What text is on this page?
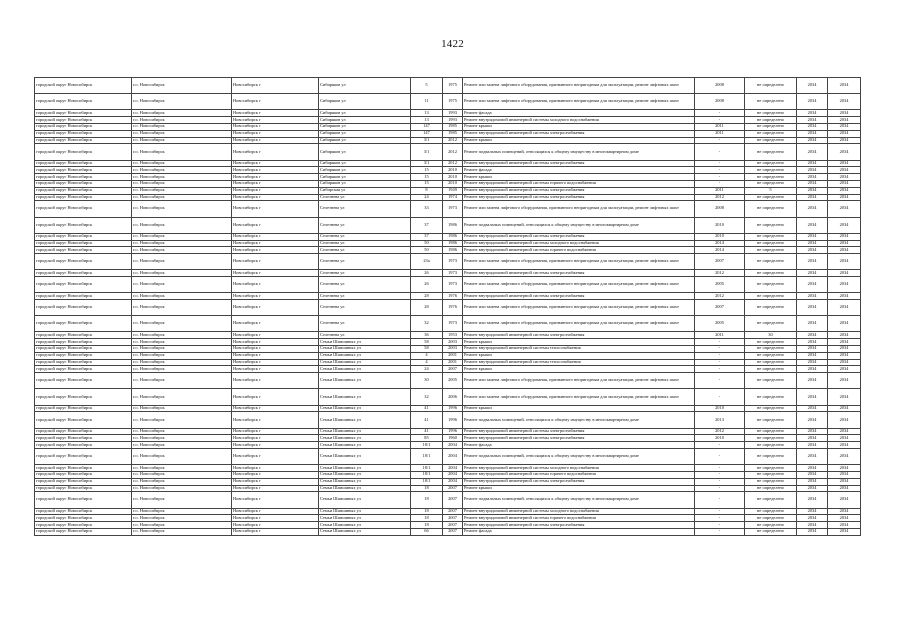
1422
городской округ Новосибирск	г.о. Новосибирск	Новосибирск г	Сибиряков ул	5	1975	Ремонт или замена лифтового оборудования, признанного непригодным для эксплуатации, ремонт лифтовых шахт	2008	не определено	2034	2034
городской округ Новосибирск	г.о. Новосибирск	Новосибирск г	Сибиряков ул	11	1975	Ремонт или замена лифтового оборудования, признанного непригодным для эксплуатации, ремонт лифтовых шахт	2008	не определено	2034	2034
городской округ Новосибирск	г.о. Новосибирск	Новосибирск г	Сибиряков ул	13	1993	Ремонт фасада	-	не определено	2034	2034
городской округ Новосибирск	г.о. Новосибирск	Новосибирск г	Сибиряков ул	13	1993	Ремонт внутридомовой инженерной системы холодного водоснабжения	-	не определено	2034	2034
городской округ Новосибирск	г.о. Новосибирск	Новосибирск г	Сибиряков ул	147	1985	Ремонт крыши	2011	не определено	2034	2034
городской округ Новосибирск	г.о. Новосибирск	Новосибирск г	Сибиряков ул	147	1985	Ремонт внутридомовой инженерной системы электроснабжения	2011	не определено	2034	2034
городской округ Новосибирск	г.о. Новосибирск	Новосибирск г	Сибиряков ул	3/1	2012	Ремонт крыши	-	не определено	2034	2034
городской округ Новосибирск	г.о. Новосибирск	Новосибирск г	Сибиряков ул	3/1	2012	Ремонт подвальных помещений, относящихся к общему имуществу в многоквартирном доме	-	не определено	2034	2034
городской округ Новосибирск	г.о. Новосибирск	Новосибирск г	Сибиряков ул	3/1	2012	Ремонт внутридомовой инженерной системы электроснабжения	-	не определено	2034	2034
городской округ Новосибирск	г.о. Новосибирск	Новосибирск г	Сибиряков ул	15	2010	Ремонт фасада	-	не определено	2034	2034
городской округ Новосибирск	г.о. Новосибирск	Новосибирск г	Сибиряков ул	15	2010	Ремонт крыши	-	не определено	2034	2034
городской округ Новосибирск	г.о. Новосибирск	Новосибирск г	Сибиряков ул	15	2010	Ремонт внутридомовой инженерной системы горячего водоснабжения	-	не определено	2034	2034
городской округ Новосибирск	г.о. Новосибирск	Новосибирск г	Сибирская ул	8	1949	Ремонт внутридомовой инженерной системы электроснабжения	2011	5	2034	2034
городской округ Новосибирск	г.о. Новосибирск	Новосибирск г	Селезнева ул	24	1974	Ремонт внутридомовой инженерной системы электроснабжения	2012	не определено	2034	2034
городской округ Новосибирск	г.о. Новосибирск	Новосибирск г	Селезнева ул	33	1973	Ремонт или замена лифтового оборудования, признанного непригодным для эксплуатации, ремонт лифтовых шахт	2008	не определено	2034	2034
городской округ Новосибирск	г.о. Новосибирск	Новосибирск г	Селезнева ул	37	1986	Ремонт подвальных помещений, относящихся к общему имуществу в многоквартирном доме	2010	не определено	2034	2034
городской округ Новосибирск	г.о. Новосибирск	Новосибирск г	Селезнева ул	37	1986	Ремонт внутридомовой инженерной системы электроснабжения	2010	не определено	2034	2034
городской округ Новосибирск	г.о. Новосибирск	Новосибирск г	Селезнева ул	50	1986	Ремонт внутридомовой инженерной системы холодного водоснабжения	2014	не определено	2034	2034
городской округ Новосибирск	г.о. Новосибирск	Новосибирск г	Селезнева ул	50	1986	Ремонт внутридомовой инженерной системы горячего водоснабжения	2014	не определено	2034	2034
городской округ Новосибирск	г.о. Новосибирск	Новосибирск г	Селезнева ул	23а	1973	Ремонт или замена лифтового оборудования, признанного непригодным для эксплуатации, ремонт лифтовых шахт	2007	не определено	2034	2034
городской округ Новосибирск	г.о. Новосибирск	Новосибирск г	Селезнева ул	26	1973	Ремонт внутридомовой инженерной системы электроснабжения	2012	не определено	2034	2034
городской округ Новосибирск	г.о. Новосибирск	Новосибирск г	Селезнева ул	26	1973	Ремонт или замена лифтового оборудования, признанного непригодным для эксплуатации, ремонт лифтовых шахт	2005	не определено	2034	2034
городской округ Новосибирск	г.о. Новосибирск	Новосибирск г	Селезнева ул	28	1976	Ремонт внутридомовой инженерной системы электроснабжения	2012	не определено	2034	2034
городской округ Новосибирск	г.о. Новосибирск	Новосибирск г	Селезнева ул	28	1976	Ремонт или замена лифтового оборудования, признанного непригодным для эксплуатации, ремонт лифтовых шахт	2007	не определено	2034	2034
городской округ Новосибирск	г.о. Новосибирск	Новосибирск г	Селезнева ул	32	1973	Ремонт или замена лифтового оборудования, признанного непригодным для эксплуатации, ремонт лифтовых шахт	2005	не определено	2034	2034
городской округ Новосибирск	г.о. Новосибирск	Новосибирск г	Селезнева ул	36	1953	Ремонт внутридомовой инженерной системы электроснабжения	2011	30	2034	2034
городской округ Новосибирск	г.о. Новосибирск	Новосибирск г	Семьи Шамшиных ул	58	2003	Ремонт крыши	-	не определено	2034	2034
городской округ Новосибирск	г.о. Новосибирск	Новосибирск г	Семьи Шамшиных ул	58	2003	Ремонт внутридомовой инженерной системы теплоснабжения	-	не определено	2034	2034
городской округ Новосибирск	г.о. Новосибирск	Новосибирск г	Семьи Шамшиных ул	4	2001	Ремонт крыши	-	не определено	2034	2034
городской округ Новосибирск	г.о. Новосибирск	Новосибирск г	Семьи Шамшиных ул	4	2001	Ремонт внутридомовой инженерной системы теплоснабжения	-	не определено	2034	2034
городской округ Новосибирск	г.о. Новосибирск	Новосибирск г	Семьи Шамшиных ул	24	2007	Ремонт крыши	-	не определено	2034	2034
городской округ Новосибирск	г.о. Новосибирск	Новосибирск г	Семьи Шамшиных ул	30	2005	Ремонт или замена лифтового оборудования, признанного непригодным для эксплуатации, ремонт лифтовых шахт	-	не определено	2034	2034
городской округ Новосибирск	г.о. Новосибирск	Новосибирск г	Семьи Шамшиных ул	32	2006	Ремонт или замена лифтового оборудования, признанного непригодным для эксплуатации, ремонт лифтовых шахт	-	не определено	2034	2034
городской округ Новосибирск	г.о. Новосибирск	Новосибирск г	Семьи Шамшиных ул	41	1996	Ремонт крыши	2010	не определено	2034	2034
городской округ Новосибирск	г.о. Новосибирск	Новосибирск г	Семьи Шамшиных ул	41	1996	Ремонт подвальных помещений, относящихся к общему имуществу в многоквартирном доме	2013	не определено	2034	2034
городской округ Новосибирск	г.о. Новосибирск	Новосибирск г	Семьи Шамшиных ул	41	1996	Ремонт внутридомовой инженерной системы электроснабжения	2012	не определено	2034	2034
городской округ Новосибирск	г.о. Новосибирск	Новосибирск г	Семьи Шамшиных ул	85	1960	Ремонт внутридомовой инженерной системы электроснабжения	2010	не определено	2034	2034
городской округ Новосибирск	г.о. Новосибирск	Новосибирск г	Семьи Шамшиных ул	18/1	2004	Ремонт фасада	-	не определено	2034	2034
городской округ Новосибирск	г.о. Новосибирск	Новосибирск г	Семьи Шамшиных ул	18/1	2004	Ремонт подвальных помещений, относящихся к общему имуществу в многоквартирном доме	-	не определено	2034	2034
городской округ Новосибирск	г.о. Новосибирск	Новосибирск г	Семьи Шамшиных ул	18/1	2004	Ремонт внутридомовой инженерной системы холодного водоснабжения	-	не определено	2034	2034
городской округ Новосибирск	г.о. Новосибирск	Новосибирск г	Семьи Шамшиных ул	18/1	2004	Ремонт внутридомовой инженерной системы горячего водоснабжения	-	не определено	2034	2034
городской округ Новосибирск	г.о. Новосибирск	Новосибирск г	Семьи Шамшиных ул	18/1	2004	Ремонт внутридомовой инженерной системы электроснабжения	-	не определено	2034	2034
городской округ Новосибирск	г.о. Новосибирск	Новосибирск г	Семьи Шамшиных ул	18	2007	Ремонт крыши	-	не определено	2034	2034
городской округ Новосибирск	г.о. Новосибирск	Новосибирск г	Семьи Шамшиных ул	18	2007	Ремонт подвальных помещений, относящихся к общему имуществу в многоквартирном доме	-	не определено	2034	2034
городской округ Новосибирск	г.о. Новосибирск	Новосибирск г	Семьи Шамшиных ул	18	2007	Ремонт внутридомовой инженерной системы холодного водоснабжения	-	не определено	2034	2034
городской округ Новосибирск	г.о. Новосибирск	Новосибирск г	Семьи Шамшиных ул	18	2007	Ремонт внутридомовой инженерной системы горячего водоснабжения	-	не определено	2034	2034
городской округ Новосибирск	г.о. Новосибирск	Новосибирск г	Семьи Шамшиных ул	18	2007	Ремонт внутридомовой инженерной системы электроснабжения	-	не определено	2034	2034
городской округ Новосибирск	г.о. Новосибирск	Новосибирск г	Семьи Шамшиных ул	66	2007	Ремонт фасада	-	не определено	2034	2034
